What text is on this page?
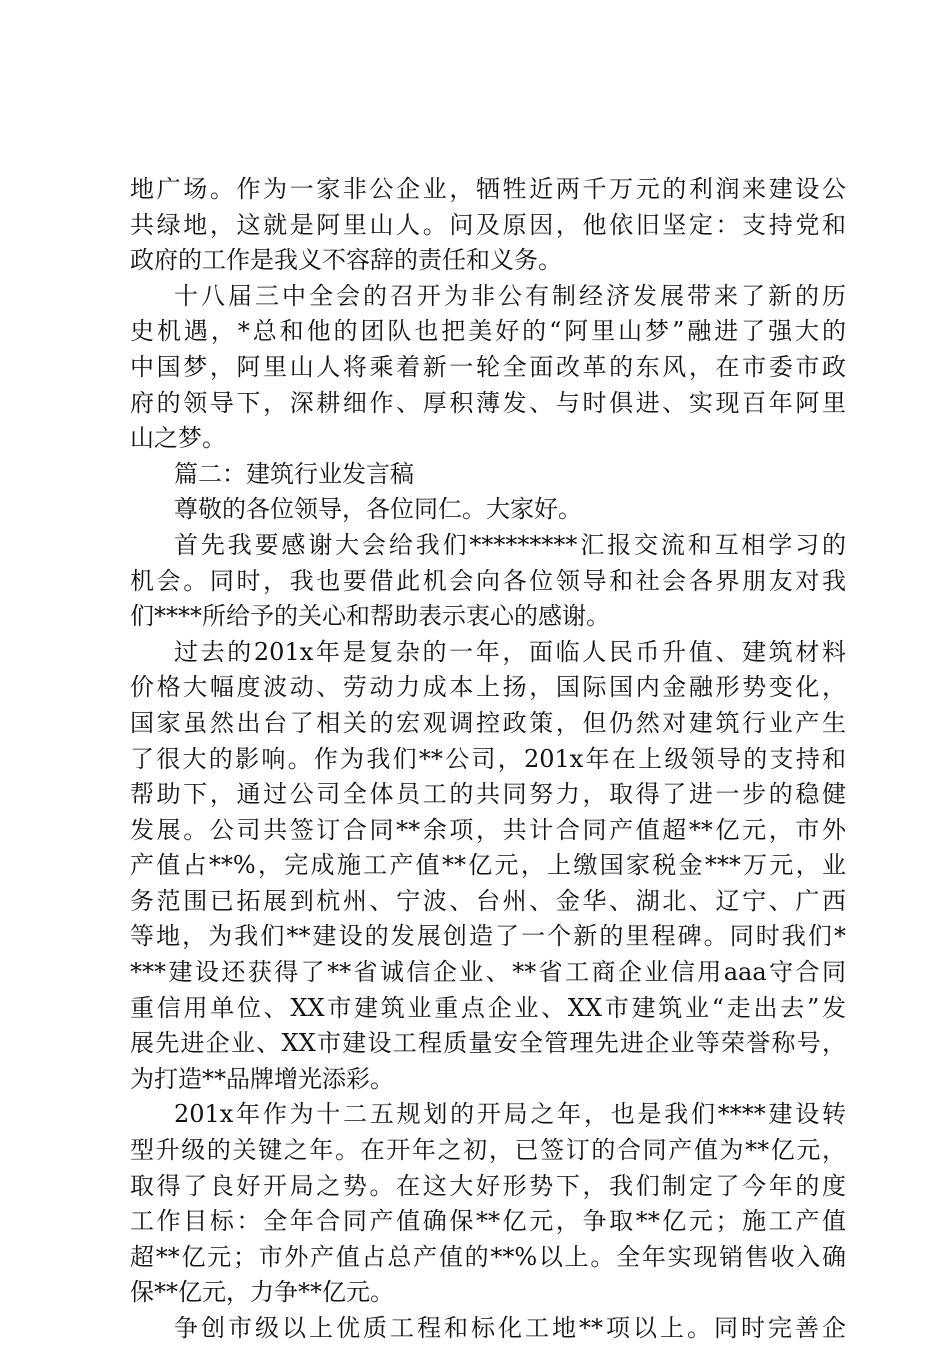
地广场。作为一家非公企业，牺牲近两千万元的利润来建设公
共绿地，这就是阿里山人。问及原因，他依旧坚定：支持党和
政府的工作是我义不容辞的责任和义务。
十八届三中全会的召开为非公有制经济发展带来了新的历
史机遇，*总和他的团队也把美好的“阿里山梦”融进了强大的
中国梦，阿里山人将乘着新一轮全面改革的东风，在市委市政
府的领导下，深耕细作、厚积薄发、与时俱进、实现百年阿里
山之梦。
篇二：建筑行业发言稿
尊敬的各位领导，各位同仁。大家好。
首先我要感谢大会给我们*********汇报交流和互相学习的
机会。同时，我也要借此机会向各位领导和社会各界朋友对我
们****所给予的关心和帮助表示衷心的感谢。
过去的201x年是复杂的一年，面临人民币升值、建筑材料
价格大幅度波动、劳动力成本上扬，国际国内金融形势变化，
国家虽然出台了相关的宏观调控政策，但仍然对建筑行业产生
了很大的影响。作为我们**公司，201x年在上级领导的支持和
帮助下，通过公司全体员工的共同努力，取得了进一步的稳健
发展。公司共签订合同**余项，共计合同产值超**亿元，市外
产值占**%，完成施工产值**亿元，上缴国家税金***万元，业
务范围已拓展到杭州、宁波、台州、金华、湖北、辽宁、广西
等地，为我们**建设的发展创造了一个新的里程碑。同时我们*
***建设还获得了**省诚信企业、**省工商企业信用aaa守合同
重信用单位、XX市建筑业重点企业、XX市建筑业“走出去”发
展先进企业、XX市建设工程质量安全管理先进企业等荣誉称号，
为打造**品牌增光添彩。
201x年作为十二五规划的开局之年，也是我们****建设转
型升级的关键之年。在开年之初，已签订的合同产值为**亿元，
取得了良好开局之势。在这大好形势下，我们制定了今年的度
工作目标：全年合同产值确保**亿元，争取**亿元；施工产值
超**亿元；市外产值占总产值的**%以上。全年实现销售收入确
保**亿元，力争**亿元。
争创市级以上优质工程和标化工地**项以上。同时完善企
